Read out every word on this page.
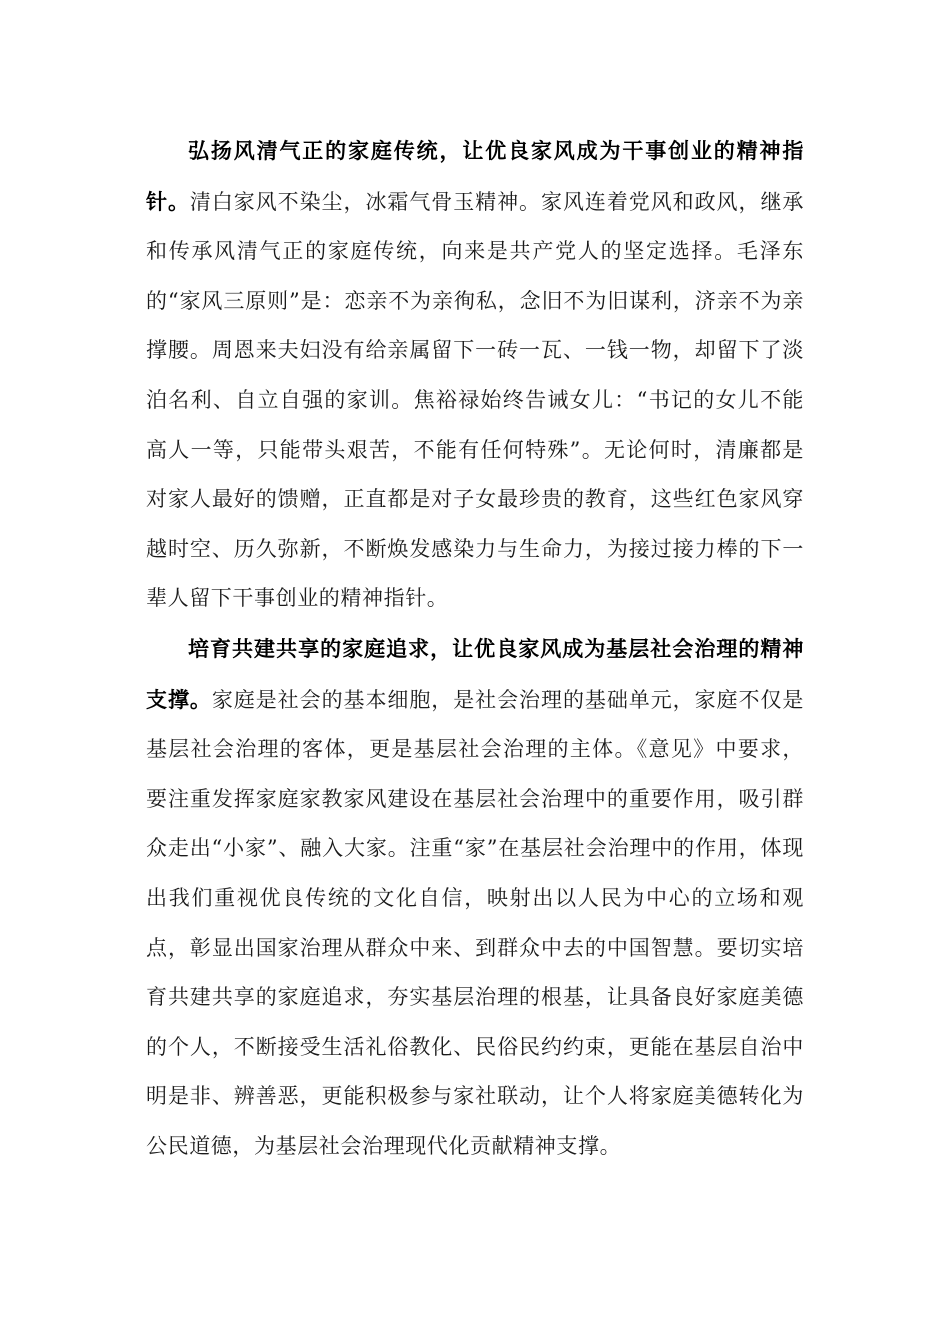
弘扬风清气正的家庭传统，让优良家风成为干事创业的精神指针。清白家风不染尘，冰霜气骨玉精神。家风连着党风和政风，继承和传承风清气正的家庭传统，向来是共产党人的坚定选择。毛泽东的“家风三原则”是：恋亲不为亲徇私，念旧不为旧谋利，济亲不为亲撑腰。周恩来夫妇没有给亲属留下一砖一瓦、一钱一物，却留下了淡泊名利、自立自强的家训。焦裕禄始终告诫女儿：“书记的女儿不能高人一等，只能带头艰苦，不能有任何特殊”。无论何时，清廉都是对家人最好的馈赠，正直都是对子女最珍贵的教育，这些红色家风穿越时空、历久弥新，不断焕发感染力与生命力，为接过接力棒的下一辈人留下干事创业的精神指针。

培育共建共享的家庭追求，让优良家风成为基层社会治理的精神支撑。家庭是社会的基本细胞，是社会治理的基础单元，家庭不仅是基层社会治理的客体，更是基层社会治理的主体。《意见》中要求，要注重发挥家庭家教家风建设在基层社会治理中的重要作用，吸引群众走出“小家”、融入大家。注重“家”在基层社会治理中的作用，体现出我们重视优良传统的文化自信，映射出以人民为中心的立场和观点，彰显出国家治理从群众中来、到群众中去的中国智慧。要切实培育共建共享的家庭追求，夯实基层治理的根基，让具备良好家庭美德的个人，不断接受生活礼俗教化、民俗民约约束，更能在基层自治中明是非、辨善恶，更能积极参与家社联动，让个人将家庭美德转化为公民道德，为基层社会治理现代化贡献精神支撑。
